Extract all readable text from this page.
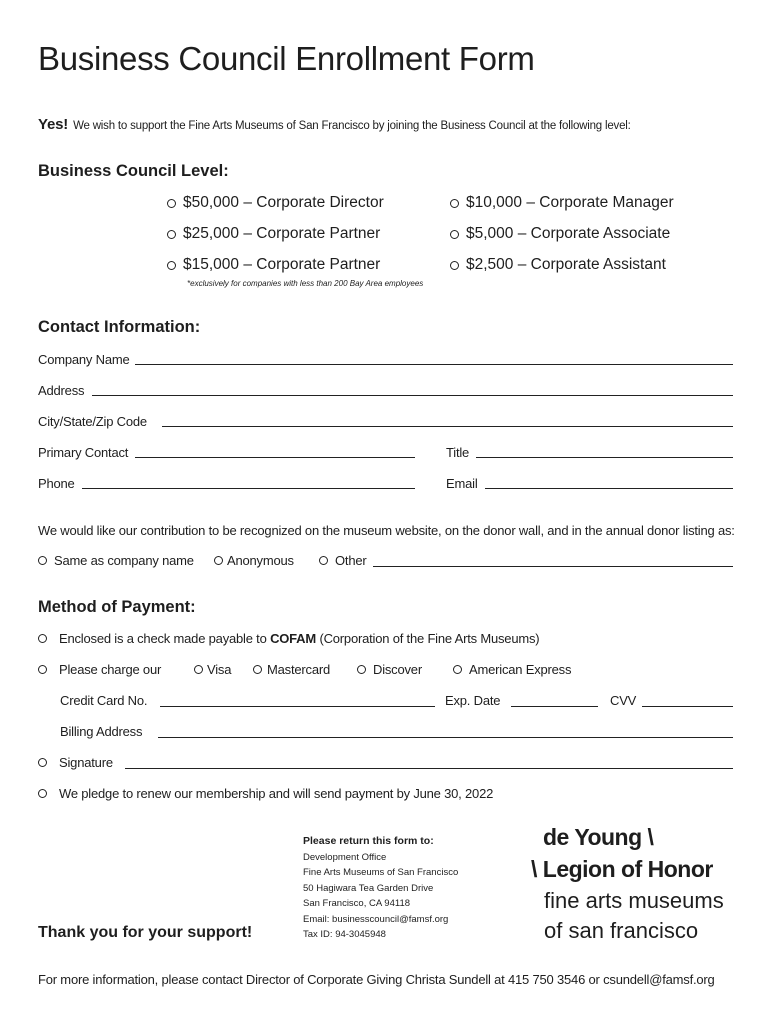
Business Council Enrollment Form
Yes! We wish to support the Fine Arts Museums of San Francisco by joining the Business Council at the following level:
Business Council Level:
$50,000 – Corporate Director	$10,000 – Corporate Manager
$25,000 – Corporate Partner	$5,000 – Corporate Associate
$15,000 – Corporate Partner	$2,500 – Corporate Assistant
*exclusively for companies with less than 200 Bay Area employees
Contact Information:
Company Name
Address
City/State/Zip Code
Primary Contact	Title
Phone	Email
We would like our contribution to be recognized on the museum website, on the donor wall, and in the annual donor listing as:
Same as company name	Anonymous	Other
Method of Payment:
Enclosed is a check made payable to
COFAM
(Corporation of the Fine Arts Museums)
Please charge our	Visa	Mastercard	Discover	American Express
Credit Card No.	Exp. Date	CVV
Billing Address
Signature
We pledge to renew our membership and will send payment by June 30, 2022
Please return this form to:
Development Office
Fine Arts Museums of San Francisco
50 Hagiwara Tea Garden Drive
San Francisco, CA 94118
Email: businesscouncil@famsf.org
Tax ID: 94-3045948
Thank you for your support!
de Young \
\ Legion of Honor
fine arts museums
of san francisco
For more information, please contact Director of Corporate Giving Christa Sundell at 415 750 3546 or csundell@famsf.org
